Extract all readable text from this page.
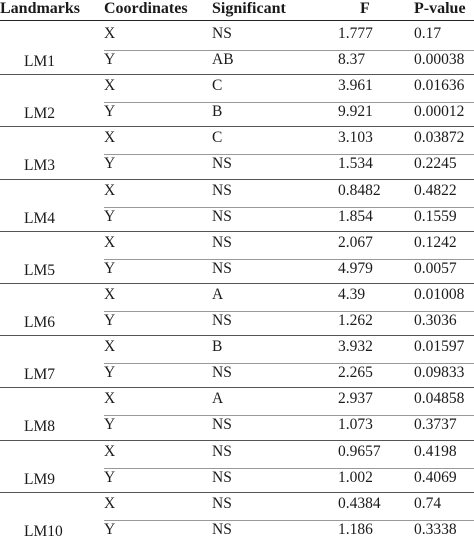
Landmarks Coordinates Significant	F	P-value
LM1
X	NS	1.777	0.17
Y	AB	8.37	0.00038
LM2
X	C	3.961	0.01636
Y	B	9.921	0.00012
LM3
X	C	3.103	0.03872
Y	NS	1.534	0.2245
LM4
X	NS	0.8482 0.4822
Y	NS	1.854	0.1559
LM5
X	NS	2.067	0.1242
Y	NS	4.979	0.0057
LM6
X	A	4.39	0.01008
Y	NS	1.262	0.3036
LM7
X	B	3.932	0.01597
Y	NS	2.265	0.09833
LM8
X	A	2.937	0.04858
Y	NS	1.073	0.3737
LM9
X	NS	0.9657 0.4198
Y	NS	1.002	0.4069
LM10
X	NS	0.4384 0.74
Y	NS	1.186	0.3338
